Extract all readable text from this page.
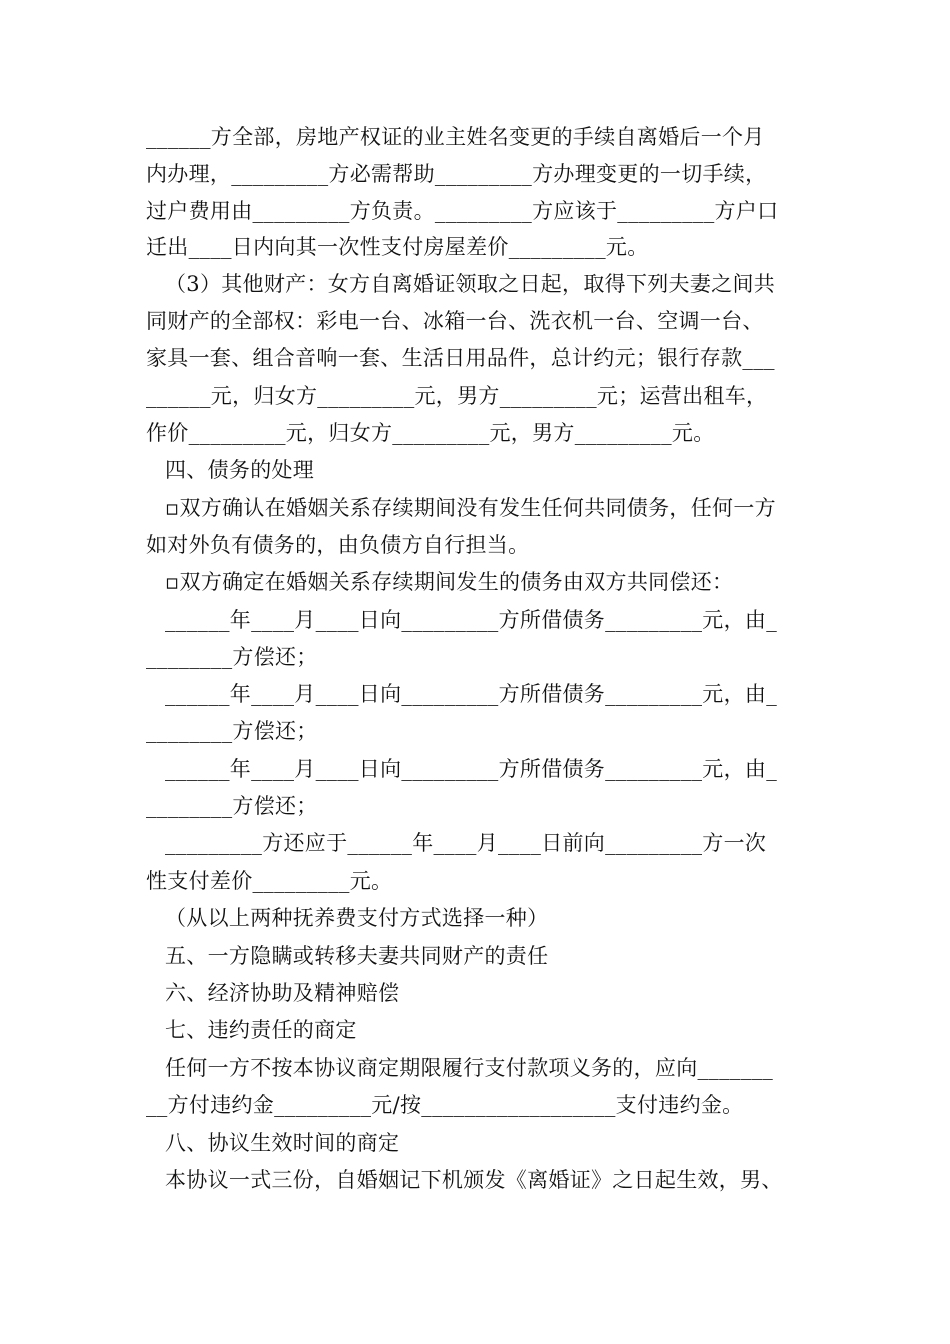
______方全部，房地产权证的业主姓名变更的手续自离婚后一个月
内办理，_________方必需帮助_________方办理变更的一切手续，
过户费用由_________方负责。_________方应该于_________方户口
迁出____日内向其一次性支付房屋差价_________元。
（3）其他财产：女方自离婚证领取之日起，取得下列夫妻之间共
同财产的全部权：彩电一台、冰箱一台、洗衣机一台、空调一台、
家具一套、组合音响一套、生活日用品件，总计约元；银行存款___
______元，归女方_________元，男方_________元；运营出租车，
作价_________元，归女方_________元，男方_________元。
四、债务的处理
▫双方确认在婚姻关系存续期间没有发生任何共同债务，任何一方
如对外负有债务的，由负债方自行担当。
▫双方确定在婚姻关系存续期间发生的债务由双方共同偿还：
______年____月____日向_________方所借债务_________元，由_
________方偿还；
______年____月____日向_________方所借债务_________元，由_
________方偿还；
______年____月____日向_________方所借债务_________元，由_
________方偿还；
_________方还应于______年____月____日前向_________方一次
性支付差价_________元。
（从以上两种抚养费支付方式选择一种）
五、一方隐瞒或转移夫妻共同财产的责任
六、经济协助及精神赔偿
七、违约责任的商定
任何一方不按本协议商定期限履行支付款项义务的，应向_______
__方付违约金_________元/按__________________支付违约金。
八、协议生效时间的商定
本协议一式三份，自婚姻记下机颁发《离婚证》之日起生效，男、
